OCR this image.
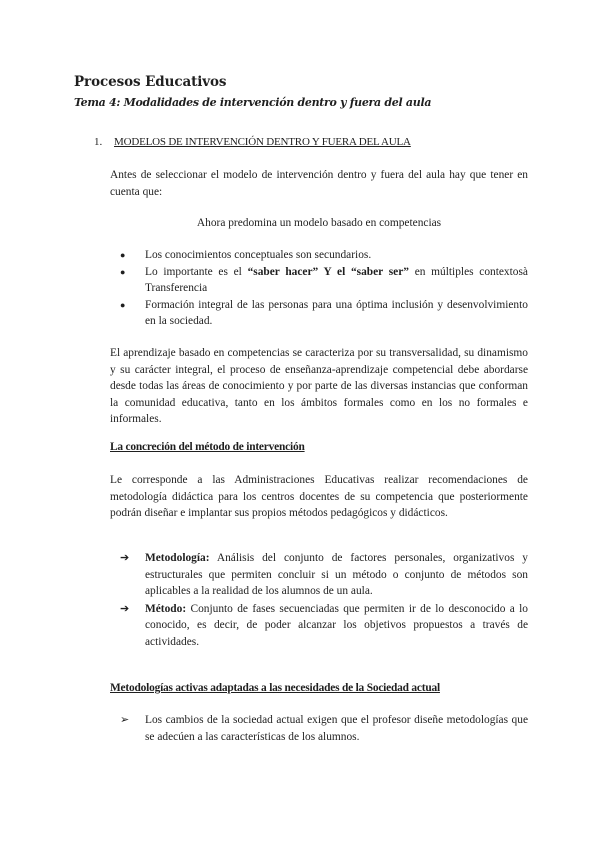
Procesos Educativos
Tema 4: Modalidades de intervención dentro y fuera del aula
1. MODELOS DE INTERVENCIÓN DENTRO Y FUERA DEL AULA
Antes de seleccionar el modelo de intervención dentro y fuera del aula hay que tener en cuenta que:
Ahora predomina un modelo basado en competencias
●	Los conocimientos conceptuales son secundarios.
●	Lo importante es el “saber hacer” Y el “saber ser” en múltiples contextosà Transferencia
●	Formación integral de las personas para una óptima inclusión y desenvolvimiento en la sociedad.
El aprendizaje basado en competencias se caracteriza por su transversalidad, su dinamismo y su carácter integral, el proceso de enseñanza-aprendizaje competencial debe abordarse desde todas las áreas de conocimiento y por parte de las diversas instancias que conforman la comunidad educativa, tanto en los ámbitos formales como en los no formales e informales.
La concreción del método de intervención
Le corresponde a las Administraciones Educativas realizar recomendaciones de metodología didáctica para los centros docentes de su competencia que posteriormente podrán diseñar e implantar sus propios métodos pedagógicos y didácticos.
➔	Metodología: Análisis del conjunto de factores personales, organizativos y estructurales que permiten concluir si un método o conjunto de métodos son aplicables a la realidad de los alumnos de un aula.
➔	Método: Conjunto de fases secuenciadas que permiten ir de lo desconocido a lo conocido, es decir, de poder alcanzar los objetivos propuestos a través de actividades.
Metodologías activas adaptadas a las necesidades de la Sociedad actual
➢	Los cambios de la sociedad actual exigen que el profesor diseñe metodologías que se adecúen a las características de los alumnos.
